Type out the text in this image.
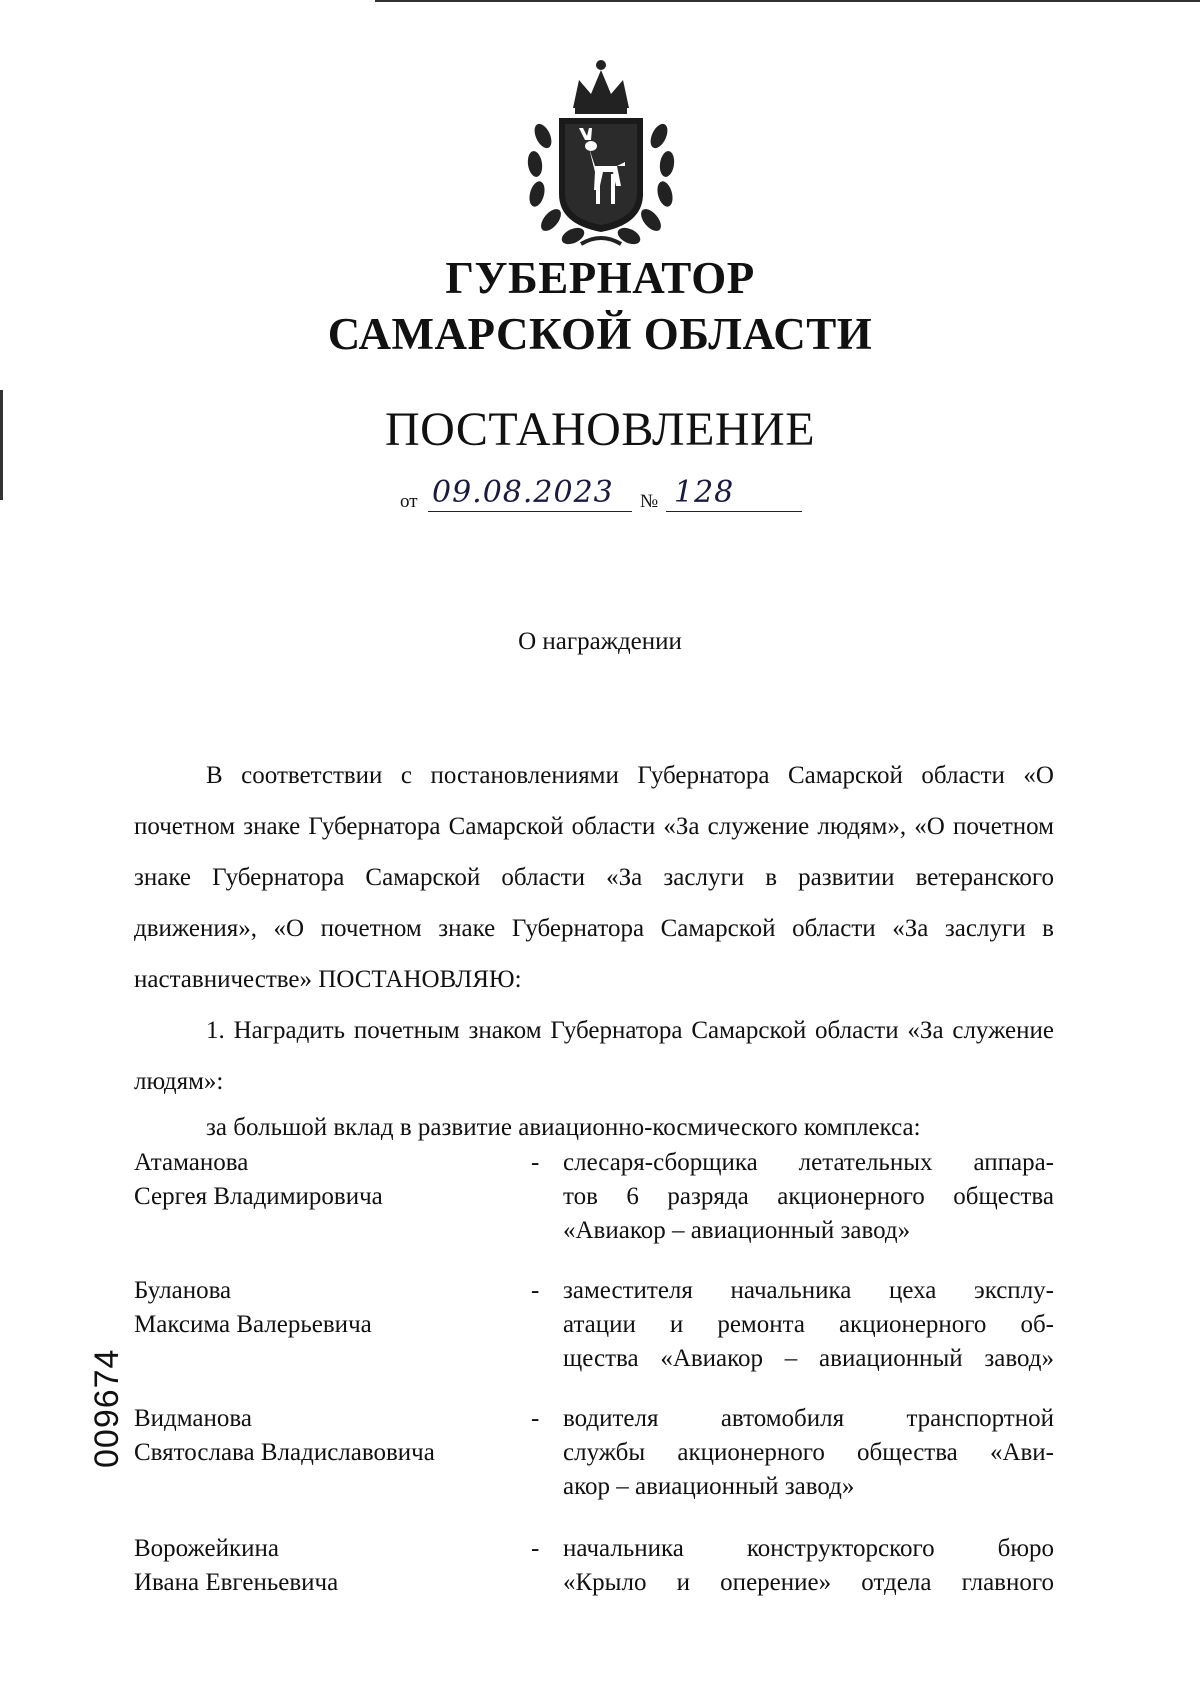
ГУБЕРНАТОР
САМАРСКОЙ ОБЛАСТИ
ПОСТАНОВЛЕНИЕ
от 09.08.2023 № 128
О награждении
В соответствии с постановлениями Губернатора Самарской области «О почетном знаке Губернатора Самарской области «За служение людям», «О почетном знаке Губернатора Самарской области «За заслуги в развитии ветеранского движения», «О почетном знаке Губернатора Самарской области «За заслуги в наставничестве» ПОСТАНОВЛЯЮ:
1. Наградить почетным знаком Губернатора Самарской области «За служение людям»:
за большой вклад в развитие авиационно-космического комплекса:
Атаманова
Сергея Владимировича
- слесаря-сборщика летательных аппара-
тов 6 разряда акционерного общества
«Авиакор – авиационный завод»
Буланова
Максима Валерьевича
- заместителя начальника цеха эксплу-
атации и ремонта акционерного об-
щества «Авиакор – авиационный завод»
Видманова
Святослава Владиславовича
- водителя автомобиля транспортной
службы акционерного общества «Ави-
акор – авиационный завод»
Ворожейкина
Ивана Евгеньевича
- начальника конструкторского бюро
«Крыло и оперение» отдела главного
009674
